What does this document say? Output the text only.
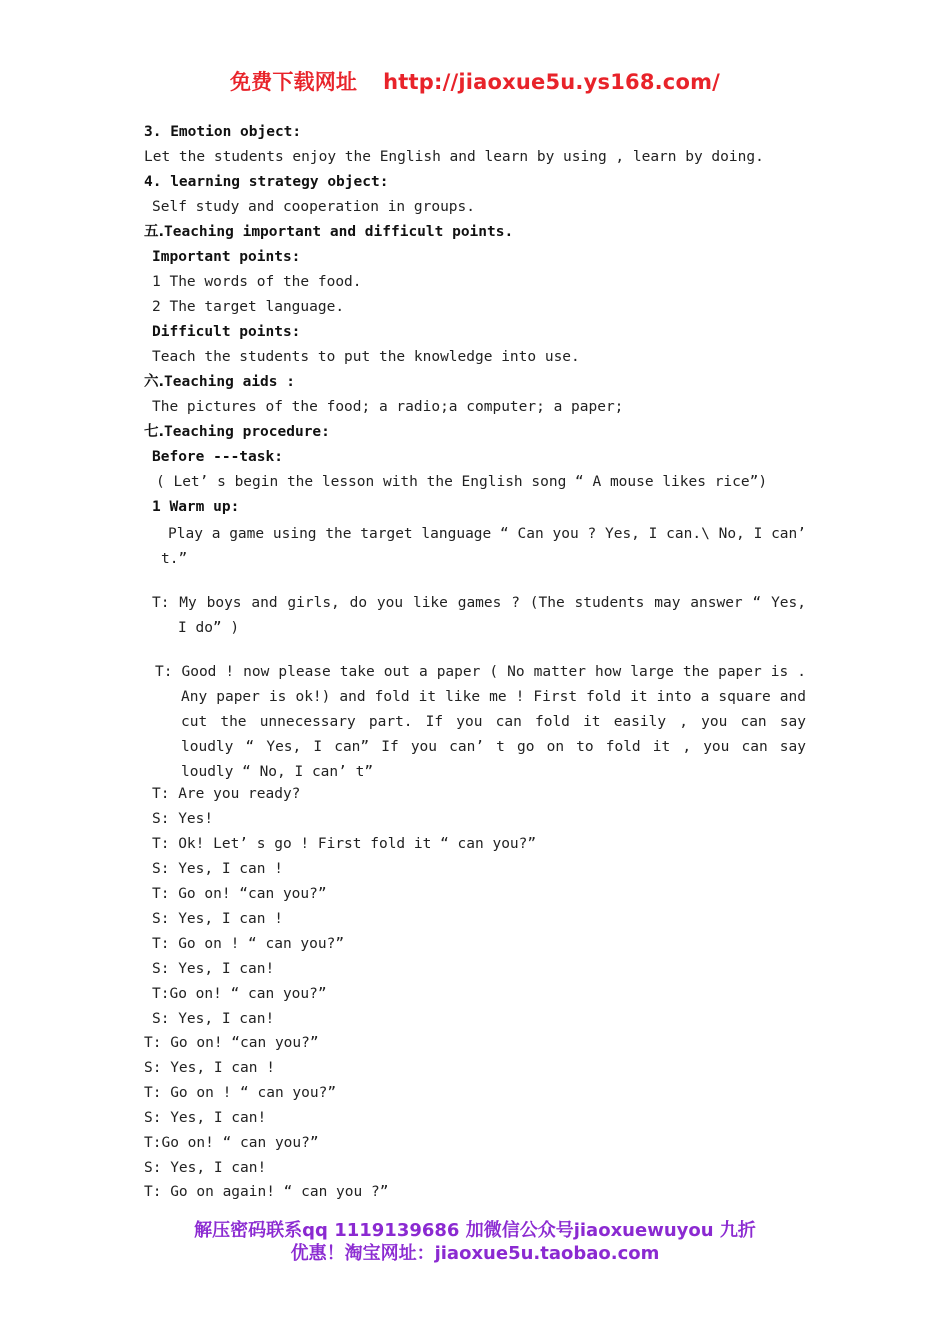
免费下载网址 http://jiaoxue5u.ys168.com/
3. Emotion object:
Let the students enjoy the English and learn by using , learn by doing.
4. learning strategy object:
Self study and cooperation in groups.
五.Teaching important and difficult points.
Important points:
1 The words of the food.
2 The target language.
Difficult points:
Teach the students to put the knowledge into use.
六.Teaching aids :
The pictures of the food; a radio;a computer; a paper;
七.Teaching procedure:
Before ---task:
( Let’ s begin the lesson with the English song “ A mouse likes rice”)
1 Warm up:
Play a game using the target language “ Can you ? Yes, I can.\ No, I can’ t.”
T: My boys and girls, do you like games ? (The students may answer “ Yes, I do” )
T: Good ! now please take out a paper ( No matter how large the paper is . Any paper is ok!) and fold it like me ! First fold it into a square and cut the unnecessary part. If you can fold it easily , you can say loudly “ Yes, I can” If you can’ t go on to fold it , you can say loudly “ No, I can’ t”
T: Are you ready?
S: Yes!
T: Ok! Let’ s go ! First fold it “ can you?”
S: Yes, I can !
T: Go on! “can you?”
S: Yes, I can !
T: Go on ! “ can you?”
S: Yes, I can!
T:Go on! “ can you?”
S: Yes, I can!
T: Go on! “can you?”
S: Yes, I can !
T: Go on ! “ can you?”
S: Yes, I can!
T:Go on! “ can you?”
S: Yes, I can!
T: Go on again! “ can you ?”
解压密码联系qq 1119139686 加微信公众号jiaoxuewuyou 九折
优惠！淘宝网址：jiaoxue5u.taobao.com
